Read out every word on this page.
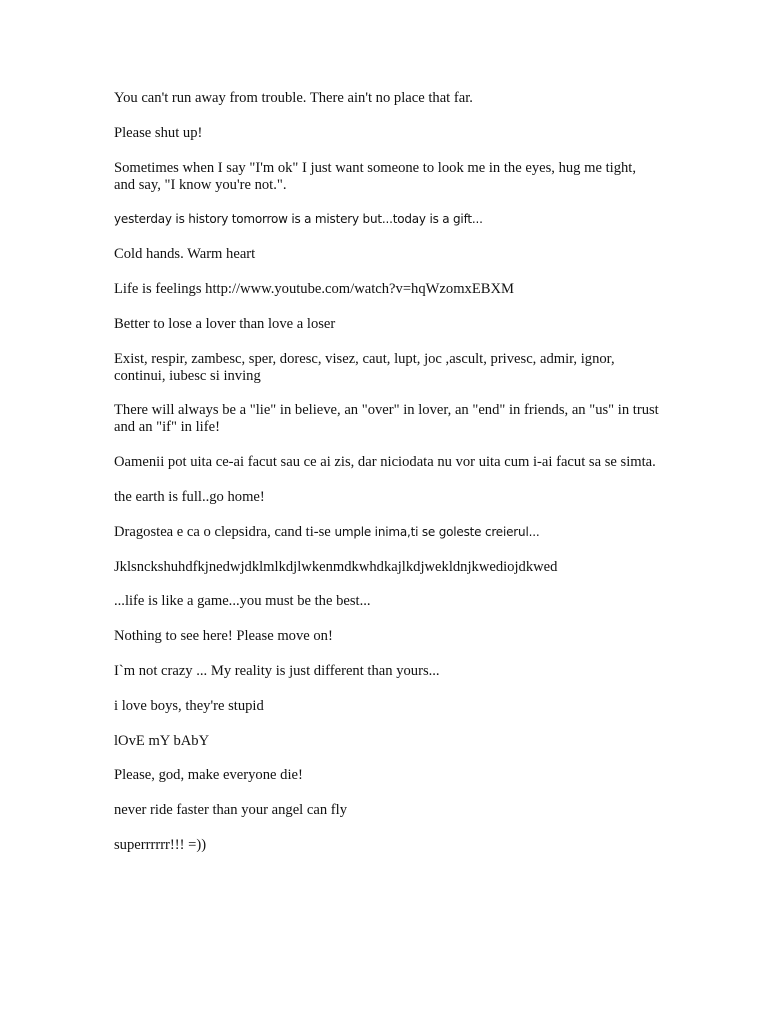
You can't run away from trouble. There ain't no place that far.

Please shut up!

Sometimes when I say "I'm ok" I just want someone to look me in the eyes, hug me tight, and say, "I know you're not.".

yesterday is history tomorrow is a mistery but...today is a gift...

Cold hands. Warm heart

Life is feelings http://www.youtube.com/watch?v=hqWzomxEBXM

Better to lose a lover than love a loser

Exist, respir, zambesc, sper, doresc, visez, caut, lupt, joc ,ascult, privesc, admir, ignor, continui, iubesc si inving

There will always be a "lie" in believe, an "over" in lover, an "end" in friends, an "us" in trust and an "if" in life!

Oamenii pot uita ce-ai facut sau ce ai zis, dar niciodata nu vor uita cum i-ai facut sa se simta.

the earth is full..go home!

Dragostea e ca o clepsidra, cand ti-se umple inima,ti se goleste creierul...

Jklsnckshuhdfkjnedwjdklmlkdjlwkenmdkwhdkajlkdjwekldnjkwediojdkwed

...life is like a game...you must be the best...

Nothing to see here! Please move on!

I`m not crazy ... My reality is just different than yours...

i love boys, they're stupid

lOvE mY bAbY

Please, god, make everyone die!

never ride faster than your angel can fly

superrrrrr!!! =))
